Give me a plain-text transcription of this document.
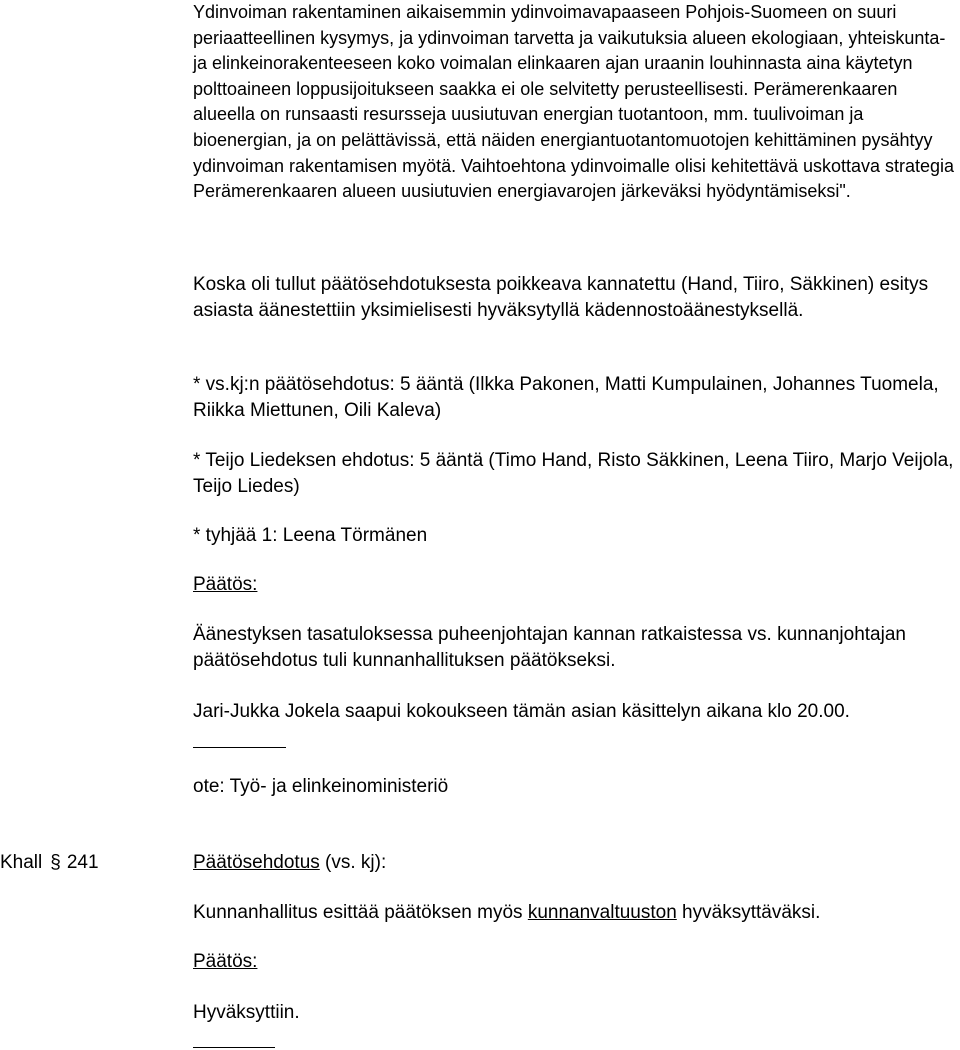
Ydinvoiman rakentaminen aikaisemmin ydinvoimavapaaseen Pohjois-Suomeen on suuri periaatteellinen kysymys, ja ydinvoiman tarvetta ja vaikutuksia alueen ekologiaan, yhteiskunta- ja elinkeinorakenteeseen koko voimalan elinkaaren ajan uraanin louhinnasta aina käytetyn polttoaineen loppusijoitukseen saakka ei ole selvitetty perusteellisesti. Perämerenkaaren alueella on runsaasti resursseja uusiutuvan energian tuotantoon, mm. tuulivoiman ja bioenergian, ja on pelättävissä, että näiden energiantuotantomuotojen kehittäminen pysähtyy ydinvoiman rakentamisen myötä. Vaihtoehtona ydinvoimalle olisi kehitettävä uskottava strategia Perämerenkaaren alueen uusiutuvien energiavarojen järkeväksi hyödyntämiseksi".
Koska oli tullut päätösehdotuksesta poikkeava kannatettu (Hand, Tiiro, Säkkinen) esitys asiasta äänestettiin yksimielisesti hyväksytyllä kädennostoäänestyksellä.
* vs.kj:n päätösehdotus: 5 ääntä (Ilkka Pakonen, Matti Kumpulainen, Johannes Tuomela, Riikka Miettunen, Oili Kaleva)
* Teijo Liedeksen ehdotus: 5 ääntä (Timo Hand, Risto Säkkinen, Leena Tiiro, Marjo Veijola, Teijo Liedes)
* tyhjää 1: Leena Törmänen
Päätös:
Äänestyksen tasatuloksessa puheenjohtajan kannan ratkaistessa vs. kunnanjohtajan päätösehdotus tuli kunnanhallituksen päätökseksi.
Jari-Jukka Jokela saapui kokoukseen tämän asian käsittelyn aikana klo 20.00.
ote: Työ- ja elinkeinoministeriö
Khall § 241	Päätösehdotus (vs. kj):
Kunnanhallitus esittää päätöksen myös kunnanvaltuuston hyväksyttäväksi.
Päätös:
Hyväksyttiin.
